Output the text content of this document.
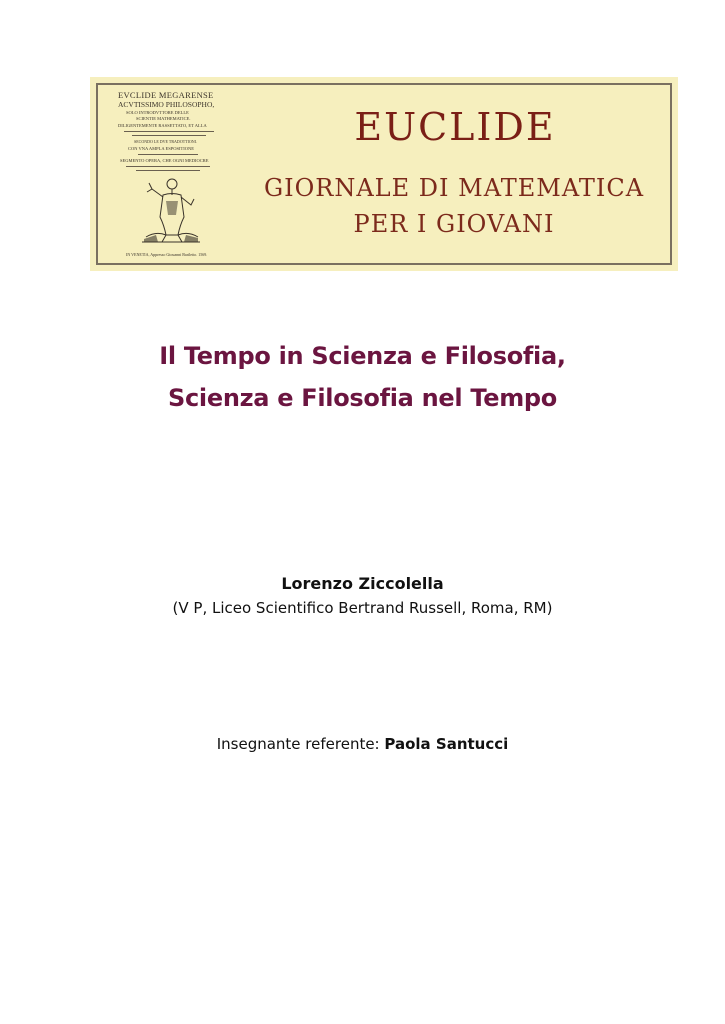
EVCLIDE MEGARENSE
ACVTISSIMO PHILOSOPHO,
SOLO INTRODVTTORE DELLE
SCIENTIE MATHEMATICE.
DILIGENTEMENTE RASSETTATO, ET ALLA
SECONDO LE DVE TRADOTTIONI.
CON VNA AMPLA ESPOSITIONE
SEGMENTO OPERA, CHE OGNI MEDIOCRE
IN VENETIA, Appresso Giouanni Bariletto. 1569.
EUCLIDE
GIORNALE DI MATEMATICA
PER I GIOVANI
Il Tempo in Scienza e Filosofia,
Scienza e Filosofia nel Tempo
Lorenzo Ziccolella
(V P, Liceo Scientifico Bertrand Russell, Roma, RM)
Insegnante referente: Paola Santucci
